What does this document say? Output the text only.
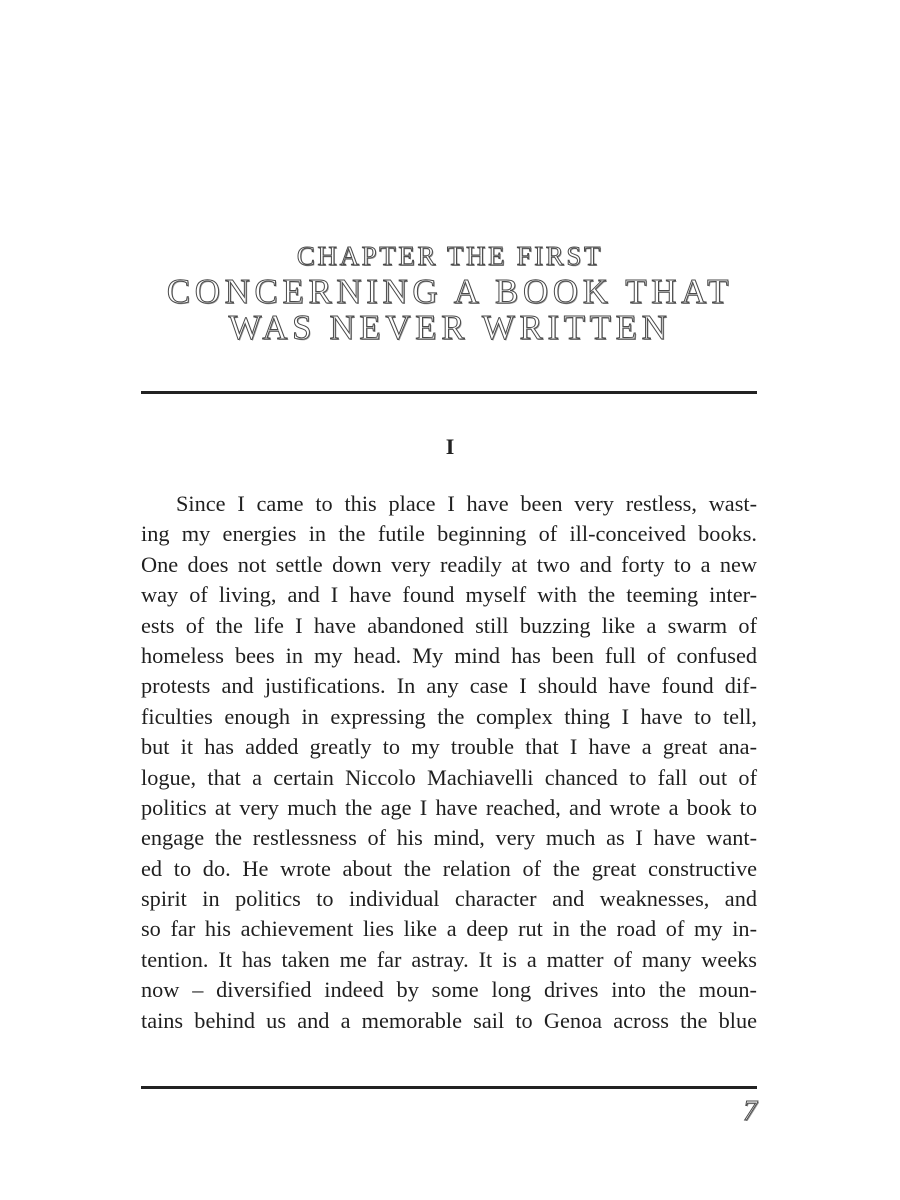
CHAPTER THE FIRST
CONCERNING A BOOK THAT
WAS NEVER WRITTEN
I

Since I came to this place I have been very restless, wast-
ing my energies in the futile beginning of ill-conceived books.
One does not settle down very readily at two and forty to a new
way of living, and I have found myself with the teeming inter-
ests of the life I have abandoned still buzzing like a swarm of
homeless bees in my head. My mind has been full of confused
protests and justifications. In any case I should have found dif-
ficulties enough in expressing the complex thing I have to tell,
but it has added greatly to my trouble that I have a great ana-
logue, that a certain Niccolo Machiavelli chanced to fall out of
politics at very much the age I have reached, and wrote a book to
engage the restlessness of his mind, very much as I have want-
ed to do. He wrote about the relation of the great constructive
spirit in politics to individual character and weaknesses, and
so far his achievement lies like a deep rut in the road of my in-
tention. It has taken me far astray. It is a matter of many weeks
now – diversified indeed by some long drives into the moun-
tains behind us and a memorable sail to Genoa across the blue

7
